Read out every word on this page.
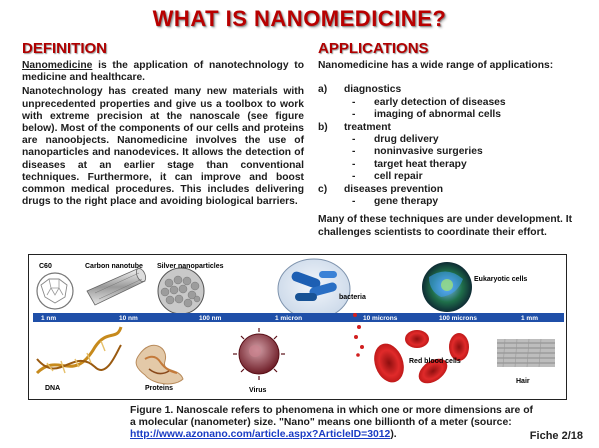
WHAT IS NANOMEDICINE?
DEFINITION	APPLICATIONS

Nanomedicine is the application of nanotechnology to medicine and healthcare.

Nanotechnology has created many new materials with unprecedented properties and give us a toolbox to work with extreme precision at the nanoscale (see figure below). Most of the components of our cells and proteins are nanoobjects. Nanomedicine involves the use of nanoparticles and nanodevices. It allows the detection of diseases at an earlier stage than conventional techniques. Furthermore, it can improve and boost common medical procedures. This includes delivering drugs to the right place and avoiding biological barriers.

Nanomedicine has a wide range of applications:
a)	diagnostics
-	early detection of diseases
-	imaging of abnormal cells
b)	treatment
-	drug delivery
-	noninvasive surgeries
-	target heat therapy
-	cell repair
c)	diseases prevention
-	gene therapy
Many of these techniques are under development. It challenges scientists to coordinate their effort.
C60	Carbon nanotube Silver nanoparticles
bacteria
Eukaryotic cells
1 nm	10 nm	100 nm	1 micron	10 microns	100 microns	1 mm
DNA	Proteins	Virus
Red blood cells
Hair
Figure 1. Nanoscale refers to phenomena in which one or more dimensions are of a molecular (nanometer) size. "Nano" means one billionth of a meter (source: http://www.azonano.com/article.aspx?ArticleID=3012).	Fiche 2/18
